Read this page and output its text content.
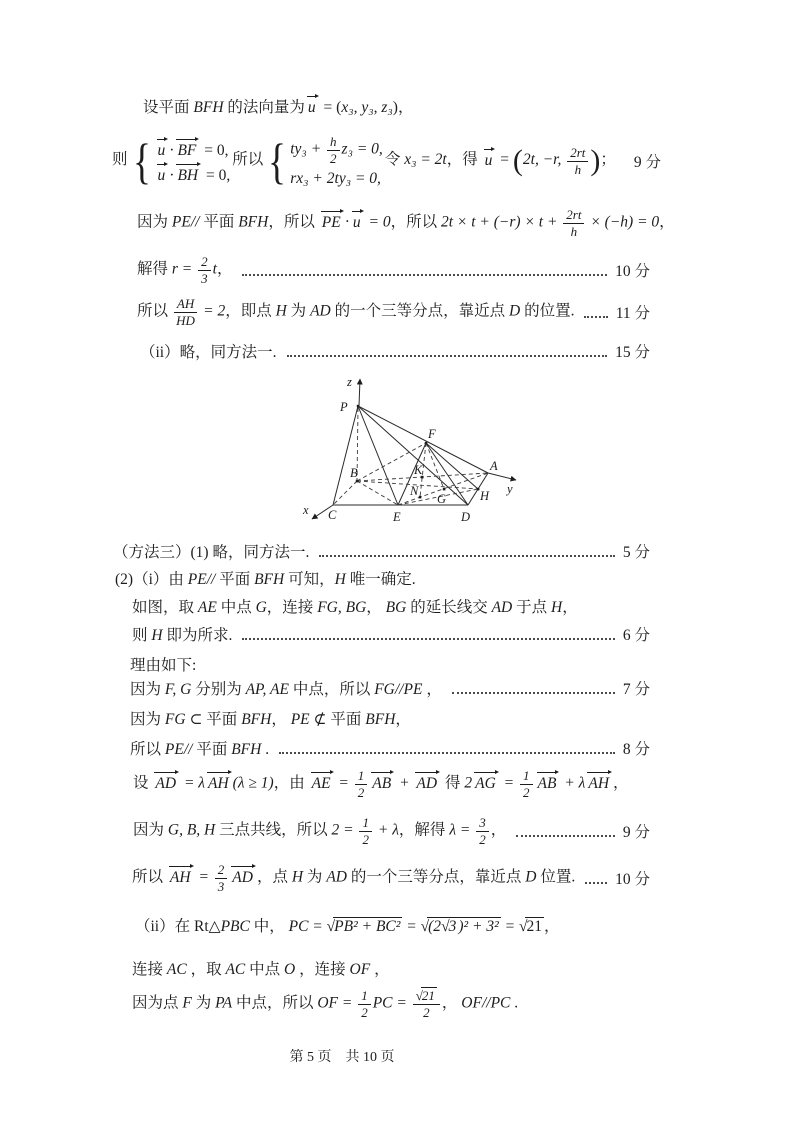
设平面 BFH 的法向量为 u = (x₃, y₃, z₃)，
则 { u · BF = 0,
u · BH = 0,
所以 { $ty_3 + \frac{h}{2} z_3 = 0$,
rx₃ + 2ty₃ = 0,
令 x₃ = 2t，得 u = (2t, −r, $\frac{2rt}{h}$ )； 9 分
因为 PE// 平面 BFH，所以 PE · u = 0，所以 $2t \times t + (-r) \times t + \frac{2rt}{h} \times (-h) = 0$，
解得 $r = \frac{2}{3}$ t，	10 分
所以 $\frac{AH}{HD} = 2$，即点 H 为 AD 的一个三等分点，靠近点 D 的位置.	11 分
（ii）略，同方法一.	15 分
z
P
F
B	K	A
y
N
G	H
x C	E	D
（方法三）(1) 略，同方法一.	5 分
(2)（i）由 PE// 平面 BFH 可知，H 唯一确定.
如图，取 AE 中点 G，连接 FG, BG， BG 的延长线交 AD 于点 H，
则 H 即为所求.	6 分
理由如下:
因为 F, G 分别为 AP, AE 中点，所以 FG//PE ，	7 分
因为 FG ⊂ 平面 BFH， PE ⊄ 平面 BFH，
所以 PE// 平面 BFH .	8 分
设 AD = λ AH (λ ≥ 1)，由 AE = $\frac{1}{2}$ AB + AD 得 2 AG = $\frac{1}{2}$ AB + λ AH ，
因为 G, B, H 三点共线，所以 $2 = \frac{1}{2} + \lambda$，解得 $\lambda = \frac{3}{2}$ ，	9 分
所以 AH = $\frac{2}{3}$ AD ，点 H 为 AD 的一个三等分点，靠近点 D 位置.	10 分
（ii）在 Rt△PBC 中， PC = √PB² + BC² = √(2√3 )² + 3² = √21 ，
连接 AC ，取 AC 中点 O ，连接 OF ，
因为点 F 为 PA 中点，所以 OF = $\frac{1}{2}$ PC = $\frac{√21}{2}$ ， OF//PC .
第 5 页　共 10 页
